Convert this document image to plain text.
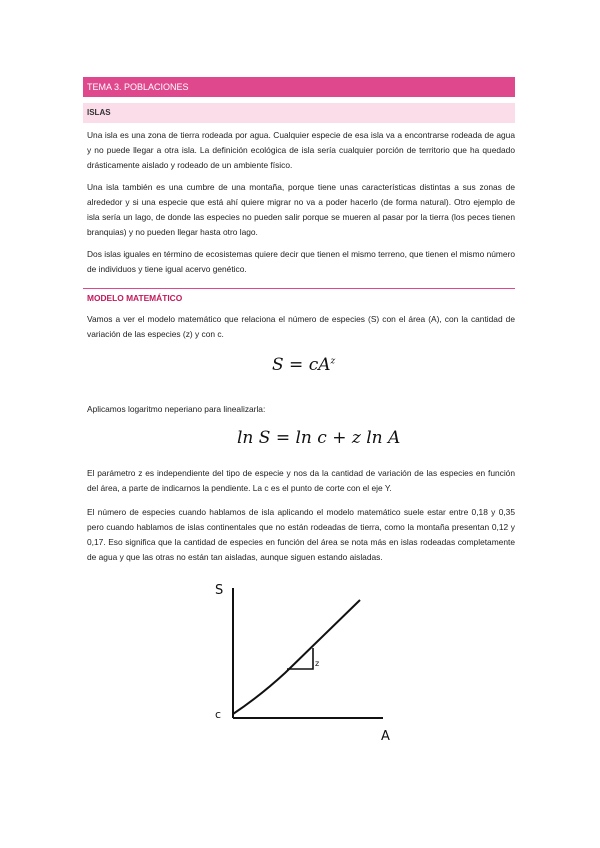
TEMA 3. POBLACIONES
ISLAS

Una isla es una zona de tierra rodeada por agua. Cualquier especie de esa isla va a encontrarse rodeada de agua y no puede llegar a otra isla. La definición ecológica de isla sería cualquier porción de territorio que ha quedado drásticamente aislado y rodeado de un ambiente físico.

Una isla también es una cumbre de una montaña, porque tiene unas características distintas a sus zonas de alrededor y si una especie que está ahí quiere migrar no va a poder hacerlo (de forma natural). Otro ejemplo de isla sería un lago, de donde las especies no pueden salir porque se mueren al pasar por la tierra (los peces tienen branquias) y no pueden llegar hasta otro lago.

Dos islas iguales en término de ecosistemas quiere decir que tienen el mismo terreno, que tienen el mismo número de individuos y tiene igual acervo genético.

MODELO MATEMÁTICO

Vamos a ver el modelo matemático que relaciona el número de especies (S) con el área (A), con la cantidad de variación de las especies (z) y con c.

$S = cA^z$

Aplicamos logaritmo neperiano para linealizarla:

ln S = ln c + z ln A

El parámetro z es independiente del tipo de especie y nos da la cantidad de variación de las especies en función del área, a parte de indicarnos la pendiente. La c es el punto de corte con el eje Y.

El número de especies cuando hablamos de isla aplicando el modelo matemático suele estar entre 0,18 y 0,35 pero cuando hablamos de islas continentales que no están rodeadas de tierra, como la montaña presentan 0,12 y 0,17. Eso significa que la cantidad de especies en función del área se nota más en islas rodeadas completamente de agua y que las otras no están tan aisladas, aunque siguen estando aisladas.

S
A
c
z
